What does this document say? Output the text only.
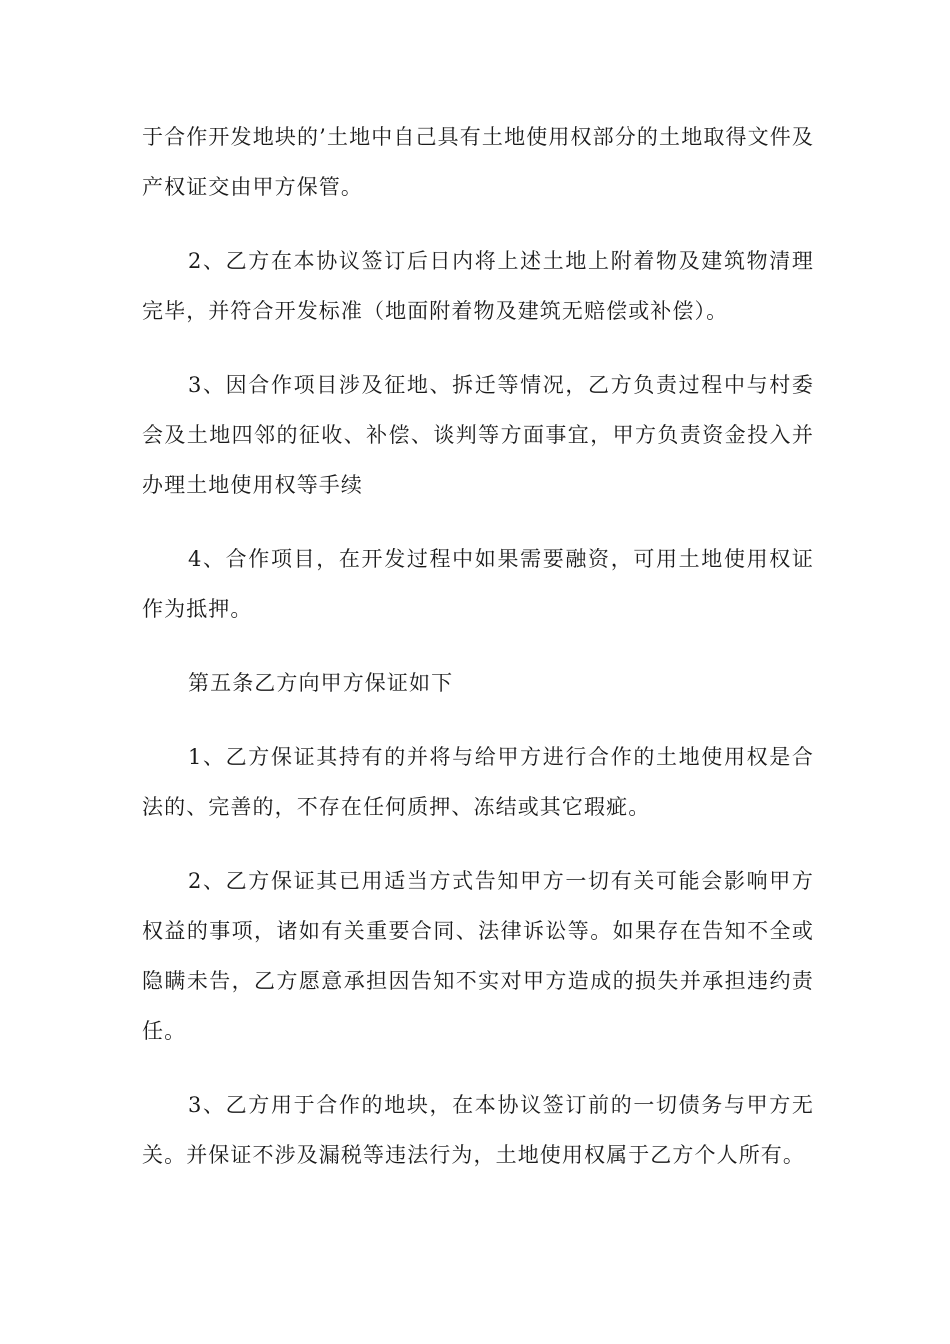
于合作开发地块的’土地中自己具有土地使用权部分的土地取得文件及产权证交由甲方保管。

2、乙方在本协议签订后日内将上述土地上附着物及建筑物清理完毕，并符合开发标准（地面附着物及建筑无赔偿或补偿）。

3、因合作项目涉及征地、拆迁等情况，乙方负责过程中与村委会及土地四邻的征收、补偿、谈判等方面事宜，甲方负责资金投入并办理土地使用权等手续

4、合作项目，在开发过程中如果需要融资，可用土地使用权证作为抵押。

第五条乙方向甲方保证如下

1、乙方保证其持有的并将与给甲方进行合作的土地使用权是合法的、完善的，不存在任何质押、冻结或其它瑕疵。

2、乙方保证其已用适当方式告知甲方一切有关可能会影响甲方权益的事项，诸如有关重要合同、法律诉讼等。如果存在告知不全或隐瞒未告，乙方愿意承担因告知不实对甲方造成的损失并承担违约责任。

3、乙方用于合作的地块，在本协议签订前的一切债务与甲方无关。并保证不涉及漏税等违法行为，土地使用权属于乙方个人所有。
